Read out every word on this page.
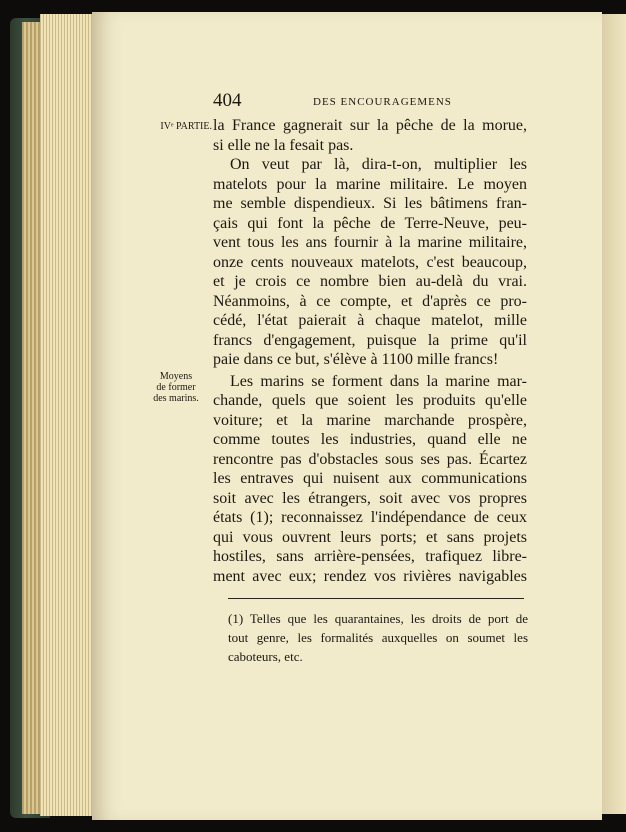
404	DES ENCOURAGEMENS
IVᵉ PARTIE.
Moyens
de former
des marins.
la France gagnerait sur la pêche de la morue,
si elle ne la fesait pas.
On veut par là, dira-t-on, multiplier les
matelots pour la marine militaire. Le moyen
me semble dispendieux. Si les bâtimens fran-
çais qui font la pêche de Terre-Neuve, peu-
vent tous les ans fournir à la marine militaire,
onze cents nouveaux matelots, c'est beaucoup,
et je crois ce nombre bien au-delà du vrai.
Néanmoins, à ce compte, et d'après ce pro-
cédé, l'état paierait à chaque matelot, mille
francs d'engagement, puisque la prime qu'il
paie dans ce but, s'élève à 1100 mille francs!
Les marins se forment dans la marine mar-
chande, quels que soient les produits qu'elle
voiture; et la marine marchande prospère,
comme toutes les industries, quand elle ne
rencontre pas d'obstacles sous ses pas. Écartez
les entraves qui nuisent aux communications
soit avec les étrangers, soit avec vos propres
états (1); reconnaissez l'indépendance de ceux
qui vous ouvrent leurs ports; et sans projets
hostiles, sans arrière-pensées, trafiquez libre-
ment avec eux; rendez vos rivières navigables
(1) Telles que les quarantaines, les droits de port de
tout genre, les formalités auxquelles on soumet les
caboteurs, etc.
